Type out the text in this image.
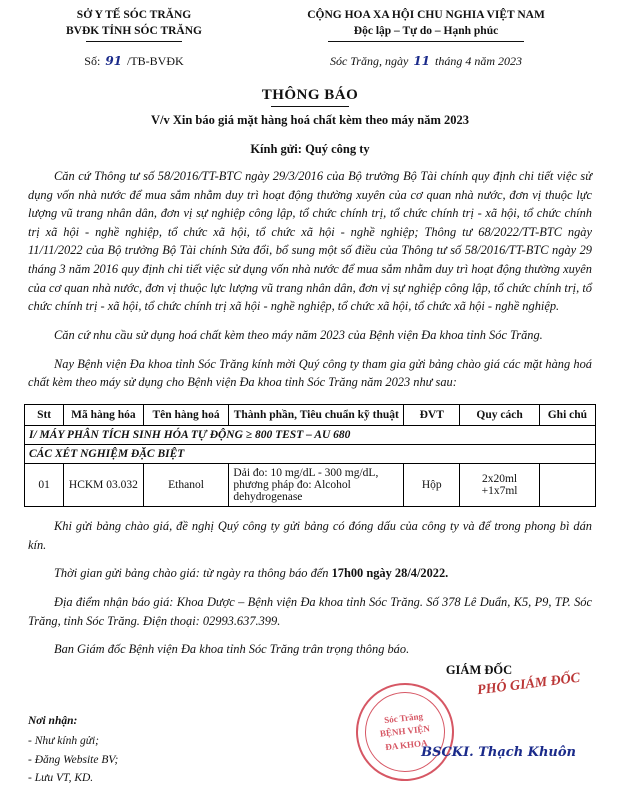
SỞ Y TẾ SÓC TRĂNG
BVĐK TỈNH SÓC TRĂNG
CỘNG HOA XA HỘI CHU NGHIA VIỆT NAM
Độc lập – Tự do – Hạnh phúc
Số: 91 /TB-BVĐK	Sóc Trăng, ngày 11 tháng 4 năm 2023
THÔNG BÁO
V/v Xin báo giá mặt hàng hoá chất kèm theo máy năm 2023
Kính gửi: Quý công ty

Căn cứ Thông tư số 58/2016/TT-BTC ngày 29/3/2016 của Bộ trưởng Bộ Tài chính quy định chi tiết việc sử dụng vốn nhà nước để mua sắm nhằm duy trì hoạt động thường xuyên của cơ quan nhà nước, đơn vị thuộc lực lượng vũ trang nhân dân, đơn vị sự nghiệp công lập, tổ chức chính trị, tổ chức chính trị - xã hội, tổ chức chính trị xã hội - nghề nghiệp, tổ chức xã hội, tổ chức xã hội - nghề nghiệp; Thông tư 68/2022/TT-BTC ngày 11/11/2022 của Bộ trưởng Bộ Tài chính Sửa đổi, bổ sung một số điều của Thông tư số 58/2016/TT-BTC ngày 29 tháng 3 năm 2016 quy định chi tiết việc sử dụng vốn nhà nước để mua sắm nhằm duy trì hoạt động thường xuyên của cơ quan nhà nước, đơn vị thuộc lực lượng vũ trang nhân dân, đơn vị sự nghiệp công lập, tổ chức chính trị, tổ chức chính trị - xã hội, tổ chức chính trị xã hội - nghề nghiệp, tổ chức xã hội, tổ chức xã hội - nghề nghiệp.

Căn cứ nhu cầu sử dụng hoá chất kèm theo máy năm 2023 của Bệnh viện Đa khoa tỉnh Sóc Trăng.

Nay Bệnh viện Đa khoa tỉnh Sóc Trăng kính mời Quý công ty tham gia gửi bảng chào giá các mặt hàng hoá chất kèm theo máy sử dụng cho Bệnh viện Đa khoa tỉnh Sóc Trăng năm 2023 như sau:

Stt	Mã hàng hóa	Tên hàng hoá	Thành phần, Tiêu chuẩn kỹ thuật	ĐVT	Quy cách	Ghi chú
I/ MÁY PHÂN TÍCH SINH HÓA TỰ ĐỘNG ≥ 800 TEST – AU 680						
CÁC XÉT NGHIỆM ĐẶC BIỆT						
01	HCKM 03.032	Ethanol	Dải đo: 10 mg/dL - 300 mg/dL, phương pháp đo: Alcohol dehydrogenase	Hộp	2x20ml +1x7ml	

Khi gửi bảng chào giá, đề nghị Quý công ty gửi bảng có đóng dấu của công ty và để trong phong bì dán kín.

Thời gian gửi bảng chào giá: từ ngày ra thông báo đến 17h00 ngày 28/4/2022.

Địa điểm nhận báo giá: Khoa Dược – Bệnh viện Đa khoa tỉnh Sóc Trăng. Số 378 Lê Duẩn, K5, P9, TP. Sóc Trăng, tỉnh Sóc Trăng. Điện thoại: 02993.637.399.

Ban Giám đốc Bệnh viện Đa khoa tỉnh Sóc Trăng trân trọng thông báo.

GIÁM ĐỐC
PHÓ GIÁM ĐỐC
Sóc Trăng
BỆNH VIỆN
ĐA KHOA
BSCKI. Thạch Khuôn
Nơi nhận:
- Như kính gửi;
- Đăng Website BV;
- Lưu VT, KD.
